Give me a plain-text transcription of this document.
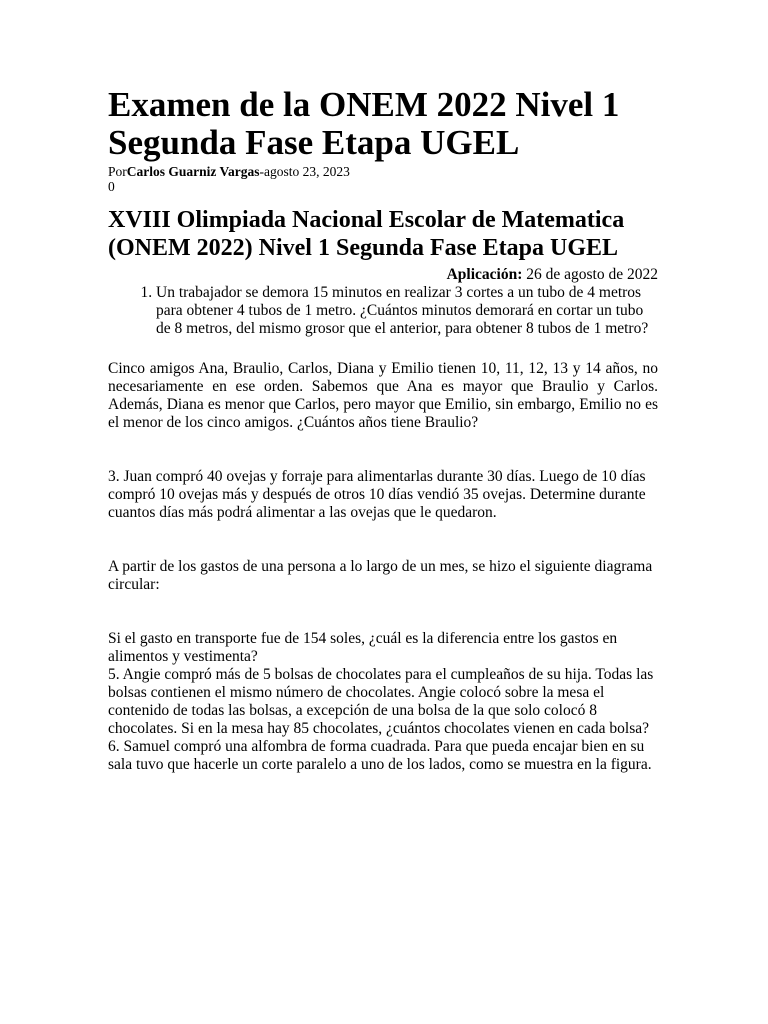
Examen de la ONEM 2022 Nivel 1 Segunda Fase Etapa UGEL
PorCarlos Guarniz Vargas-agosto 23, 2023
0
XVIII Olimpiada Nacional Escolar de Matematica (ONEM 2022) Nivel 1 Segunda Fase Etapa UGEL
Aplicación: 26 de agosto de 2022
1. Un trabajador se demora 15 minutos en realizar 3 cortes a un tubo de 4 metros para obtener 4 tubos de 1 metro. ¿Cuántos minutos demorará en cortar un tubo de 8 metros, del mismo grosor que el anterior, para obtener 8 tubos de 1 metro?

Cinco amigos Ana, Braulio, Carlos, Diana y Emilio tienen 10, 11, 12, 13 y 14 años, no necesariamente en ese orden. Sabemos que Ana es mayor que Braulio y Carlos. Además, Diana es menor que Carlos, pero mayor que Emilio, sin embargo, Emilio no es el menor de los cinco amigos. ¿Cuántos años tiene Braulio?

3. Juan compró 40 ovejas y forraje para alimentarlas durante 30 días. Luego de 10 días compró 10 ovejas más y después de otros 10 días vendió 35 ovejas. Determine durante cuantos días más podrá alimentar a las ovejas que le quedaron.

A partir de los gastos de una persona a lo largo de un mes, se hizo el siguiente diagrama circular:

Si el gasto en transporte fue de 154 soles, ¿cuál es la diferencia entre los gastos en alimentos y vestimenta?

5. Angie compró más de 5 bolsas de chocolates para el cumpleaños de su hija. Todas las bolsas contienen el mismo número de chocolates. Angie colocó sobre la mesa el contenido de todas las bolsas, a excepción de una bolsa de la que solo colocó 8 chocolates. Si en la mesa hay 85 chocolates, ¿cuántos chocolates vienen en cada bolsa?

6. Samuel compró una alfombra de forma cuadrada. Para que pueda encajar bien en su sala tuvo que hacerle un corte paralelo a uno de los lados, como se muestra en la figura.
